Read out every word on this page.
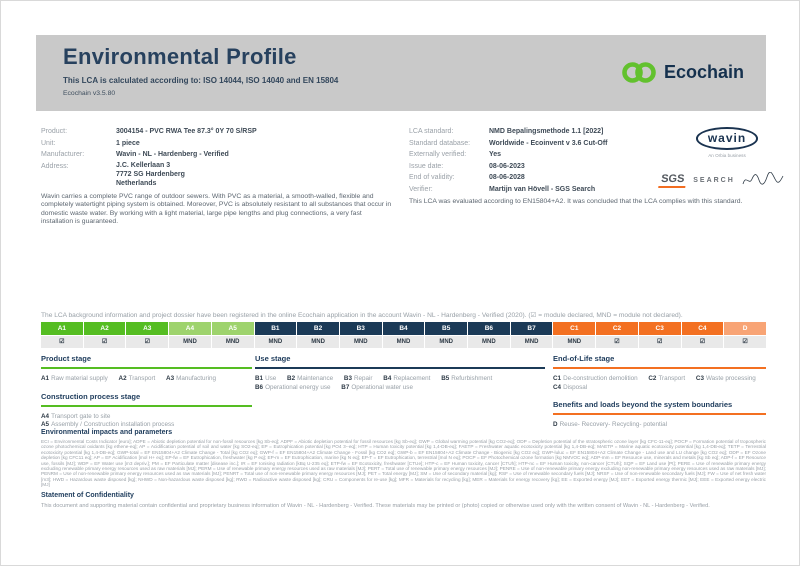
Environmental Profile
This LCA is calculated according to: ISO 14044, ISO 14040 and EN 15804
Ecochain v3.5.80
Ecochain
Product:	3004154 - PVC RWA Tee 87.3° 0Y 70 S/RSP
Unit:	1 piece
Manufacturer:	Wavin - NL - Hardenberg - Verified
Address:	J.C. Kellerlaan 3
7772 SG Hardenberg
Netherlands
LCA standard:	NMD Bepalingsmethode 1.1 [2022]
Standard database:	Worldwide - Ecoinvent v 3.6 Cut-Off
Externally verified:	Yes
Issue date:	08-06-2023
End of validity:	08-06-2028
Verifier:	Martijn van Hövell - SGS Search
wavin
An Orbia business
SGS SEARCH
Wavin carries a complete PVC range of outdoor sewers. With PVC as a material, a smooth-walled, flexible and completely watertight piping system is obtained. Moreover, PVC is absolutely resistant to all substances that occur in domestic waste water. By working with a light material, large pipe lengths and plug connections, a very fast installation is guaranteed.
This LCA was evaluated according to EN15804+A2. It was concluded that the LCA complies with this standard.
The LCA background information and project dossier have been registered in the online Ecochain application in the account Wavin - NL - Hardenberg - Verified (2020). (☑ = module declared, MND = module not declared).
A1	A2	A3	A4	A5	B1	B2	B3	B4	B5	B6	B7	C1	C2	C3	C4	D
☑	☑	☑	MND	MND	MND	MND	MND	MND	MND	MND	MND	MND	☑	☑	☑	☑
Product stage
A1 Raw material supply A2 Transport A3 Manufacturing
Construction process stage
A4 Transport gate to site
A5 Assembly / Construction installation process
Use stage
B1 Use B2 Maintenance B3 Repair B4 Replacement B5 Refurbishment B6 Operational energy use B7 Operational water use
End-of-Life stage
C1 De-construction demolition C2 Transport C3 Waste processing C4 Disposal
Benefits and loads beyond the system boundaries
D Reuse- Recovery- Recycling- potential
Environmental impacts and parameters
ECI = Environmental Costs Indicator [euro]; ADPE = Abiotic depletion potential for non-fossil resources [kg Sb-eq]; ADPF = Abiotic depletion potential for fossil resources [kg Sb-eq]; GWP = Global warming potential [kg CO2-eq]; ODP = Depletion potential of the stratospheric ozone layer [kg CFC-11-eq]; POCP = Formation potential of tropospheric ozone photochemical oxidants [kg ethene-eq]; AP = Acidification potential of soil and water [kg SO2-eq]; EP = Eutrophication potential [kg PO4 3--eq]; HTP = Human toxicity potential [kg 1,4-DB-eq]; FAETP = Freshwater aquatic ecotoxicity potential [kg 1,4-DB-eq]; MAETP = Marine aquatic ecotoxicity potential [kg 1,4-DB-eq]; TETP = Terrestrial ecotoxicity potential [kg 1,4-DB-eq]; GWP-total = EF EN15804+A2 Climate Change - Total [kg CO2 eq]; GWP-f = EF EN15804+A2 Climate Change - Fossil [kg CO2 eq]; GWP-b = EF EN15804+A2 Climate Change - Biogenic [kg CO2 eq]; GWP-luluc = EF EN15804+A2 Climate Change - Land use and LU change [kg CO2 eq]; ODP = EF Ozone depletion [kg CFC11 eq]; AP = EF Acidification [mol H+ eq]; EP-fw = EF Eutrophication, freshwater [kg P eq]; EP-m = EF Eutrophication, marine [kg N eq]; EP-T = EF Eutrophication, terrestrial [mol N eq]; POCP = EF Photochemical ozone formation [kg NMVOC eq]; ADP-mm = EF Resource use, minerals and metals [kg Sb eq]; ADP-f = EF Resource use, fossils [MJ]; WDP = EF Water use [m3 depriv.]; PM = EF Particulate matter [disease inc.]; IR = EF Ionising radiation [kBq U-235 eq]; ETP-fw = EF Ecotoxicity, freshwater [CTUe]; HTP-c = EF Human toxicity, cancer [CTUh]; HTP-nc = EF Human toxicity, non-cancer [CTUh]; SQP = EF Land use [Pt]; PERE = Use of renewable primary energy excluding renewable primary energy resources used as raw materials [MJ]; PERM = Use of renewable primary energy resources used as raw materials [MJ]; PERT = Total use of renewable primary energy resources [MJ]; PENRE = Use of non-renewable primary energy excluding non-renewable primary energy resources used as raw materials [MJ]; PENRM = Use of non-renewable primary energy resources used as raw materials [MJ]; PENRT = Total use of non-renewable primary energy resources [MJ]; PET = Total energy [MJ]; SM = Use of secondary material [kg]; RSF = Use of renewable secondary fuels [MJ]; NRSF = Use of non-renewable secondary fuels [MJ]; FW = Use of net fresh water [m3]; HWD = Hazardous waste disposed [kg]; NHWD = Non-hazardous waste disposed [kg]; RWD = Radioactive waste disposed [kg]; CRU = Components for re-use [kg]; MFR = Materials for recycling [kg]; MER = Materials for energy recovery [kg]; EE = Exported energy [MJ]; EET = Exported energy thermic [MJ]; EEE = Exported energy electric [MJ]
Statement of Confidentiality
This document and supporting material contain confidential and proprietary business information of Wavin - NL - Hardenberg - Verified. These materials may be printed or (photo) copied or otherwise used only with the written consent of Wavin - NL - Hardenberg - Verified.
